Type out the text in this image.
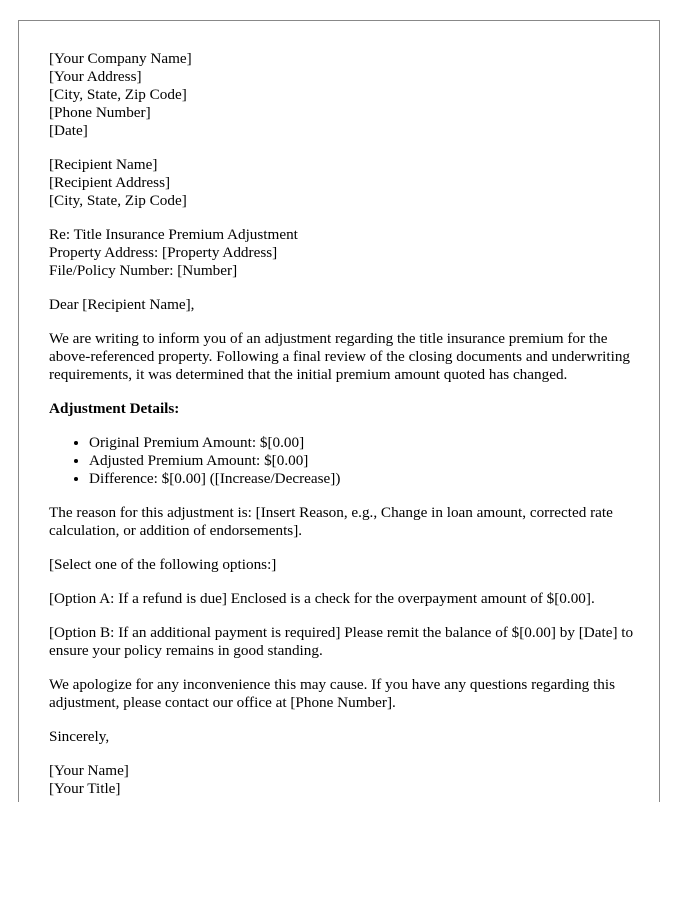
[Your Company Name]
[Your Address]
[City, State, Zip Code]
[Phone Number]
[Date]
[Recipient Name]
[Recipient Address]
[City, State, Zip Code]
Re: Title Insurance Premium Adjustment
Property Address: [Property Address]
File/Policy Number: [Number]

Dear [Recipient Name],

We are writing to inform you of an adjustment regarding the title insurance premium for the above-referenced property. Following a final review of the closing documents and underwriting requirements, it was determined that the initial premium amount quoted has changed.

Adjustment Details:
• Original Premium Amount: $[0.00]
• Adjusted Premium Amount: $[0.00]
• Difference: $[0.00] ([Increase/Decrease])

The reason for this adjustment is: [Insert Reason, e.g., Change in loan amount, corrected rate calculation, or addition of endorsements].

[Select one of the following options:]

[Option A: If a refund is due] Enclosed is a check for the overpayment amount of $[0.00].

[Option B: If an additional payment is required] Please remit the balance of $[0.00] by [Date] to ensure your policy remains in good standing.

We apologize for any inconvenience this may cause. If you have any questions regarding this adjustment, please contact our office at [Phone Number].

Sincerely,

[Your Name]
[Your Title]
